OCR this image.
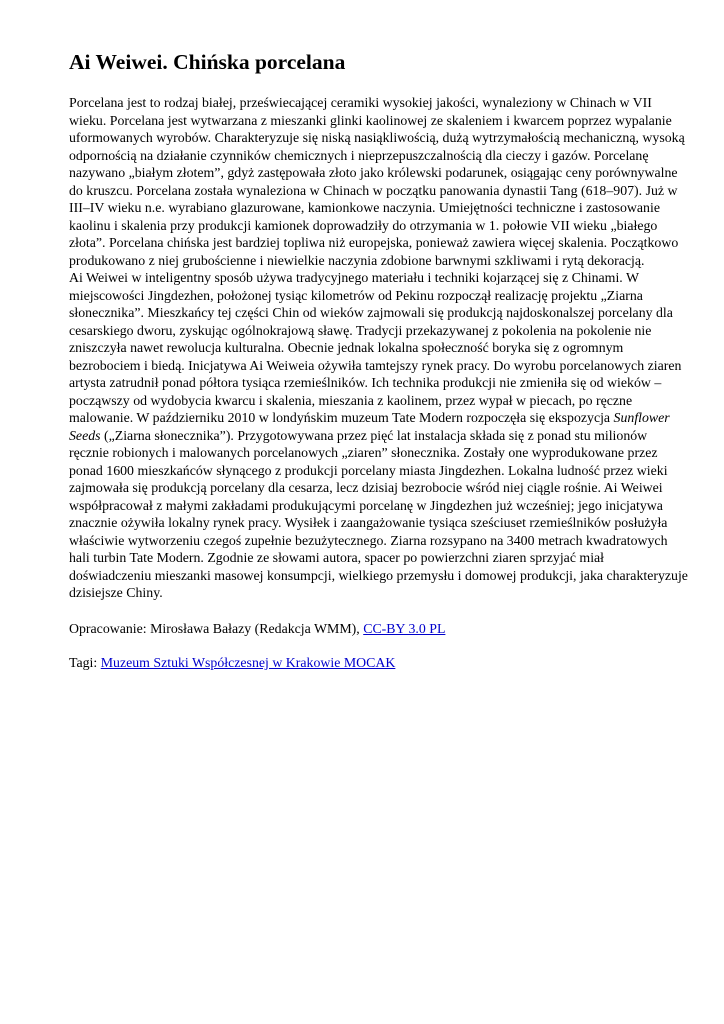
Ai Weiwei. Chińska porcelana

Porcelana jest to rodzaj białej, przeświecającej ceramiki wysokiej jakości, wynaleziony w Chinach w VII wieku. Porcelana jest wytwarzana z mieszanki glinki kaolinowej ze skaleniem i kwarcem poprzez wypalanie uformowanych wyrobów. Charakteryzuje się niską nasiąkliwością, dużą wytrzymałością mechaniczną, wysoką odpornością na działanie czynników chemicznych i nieprzepuszczalnością dla cieczy i gazów. Porcelanę nazywano „białym złotem”, gdyż zastępowała złoto jako królewski podarunek, osiągając ceny porównywalne do kruszcu. Porcelana została wynaleziona w Chinach w początku panowania dynastii Tang (618–907). Już w III–IV wieku n.e. wyrabiano glazurowane, kamionkowe naczynia. Umiejętności techniczne i zastosowanie kaolinu i skalenia przy produkcji kamionek doprowadziły do otrzymania w 1. połowie VII wieku „białego złota”. Porcelana chińska jest bardziej topliwa niż europejska, ponieważ zawiera więcej skalenia. Początkowo produkowano z niej grubościenne i niewielkie naczynia zdobione barwnymi szkliwami i rytą dekoracją.

Ai Weiwei w inteligentny sposób używa tradycyjnego materiału i techniki kojarzącej się z Chinami. W miejscowości Jingdezhen, położonej tysiąc kilometrów od Pekinu rozpoczął realizację projektu „Ziarna słonecznika”. Mieszkańcy tej części Chin od wieków zajmowali się produkcją najdoskonalszej porcelany dla cesarskiego dworu, zyskując ogólnokrajową sławę. Tradycji przekazywanej z pokolenia na pokolenie nie zniszczyła nawet rewolucja kulturalna. Obecnie jednak lokalna społeczność boryka się z ogromnym bezrobociem i biedą. Inicjatywa Ai Weiweia ożywiła tamtejszy rynek pracy. Do wyrobu porcelanowych ziaren artysta zatrudnił ponad półtora tysiąca rzemieślników. Ich technika produkcji nie zmieniła się od wieków – począwszy od wydobycia kwarcu i skalenia, mieszania z kaolinem, przez wypał w piecach, po ręczne malowanie. W październiku 2010 w londyńskim muzeum Tate Modern rozpoczęła się ekspozycja Sunflower Seeds („Ziarna słonecznika”). Przygotowywana przez pięć lat instalacja składa się z ponad stu milionów ręcznie robionych i malowanych porcelanowych „ziaren” słonecznika. Zostały one wyprodukowane przez ponad 1600 mieszkańców słynącego z produkcji porcelany miasta Jingdezhen. Lokalna ludność przez wieki zajmowała się produkcją porcelany dla cesarza, lecz dzisiaj bezrobocie wśród niej ciągle rośnie. Ai Weiwei współpracował z małymi zakładami produkującymi porcelanę w Jingdezhen już wcześniej; jego inicjatywa znacznie ożywiła lokalny rynek pracy. Wysiłek i zaangażowanie tysiąca sześciuset rzemieślników posłużyła właściwie wytworzeniu czegoś zupełnie bezużytecznego. Ziarna rozsypano na 3400 metrach kwadratowych hali turbin Tate Modern. Zgodnie ze słowami autora, spacer po powierzchni ziaren sprzyjać miał doświadczeniu mieszanki masowej konsumpcji, wielkiego przemysłu i domowej produkcji, jaka charakteryzuje dzisiejsze Chiny.

Opracowanie: Mirosława Bałazy (Redakcja WMM), CC-BY 3.0 PL

Tagi: Muzeum Sztuki Współczesnej w Krakowie MOCAK
